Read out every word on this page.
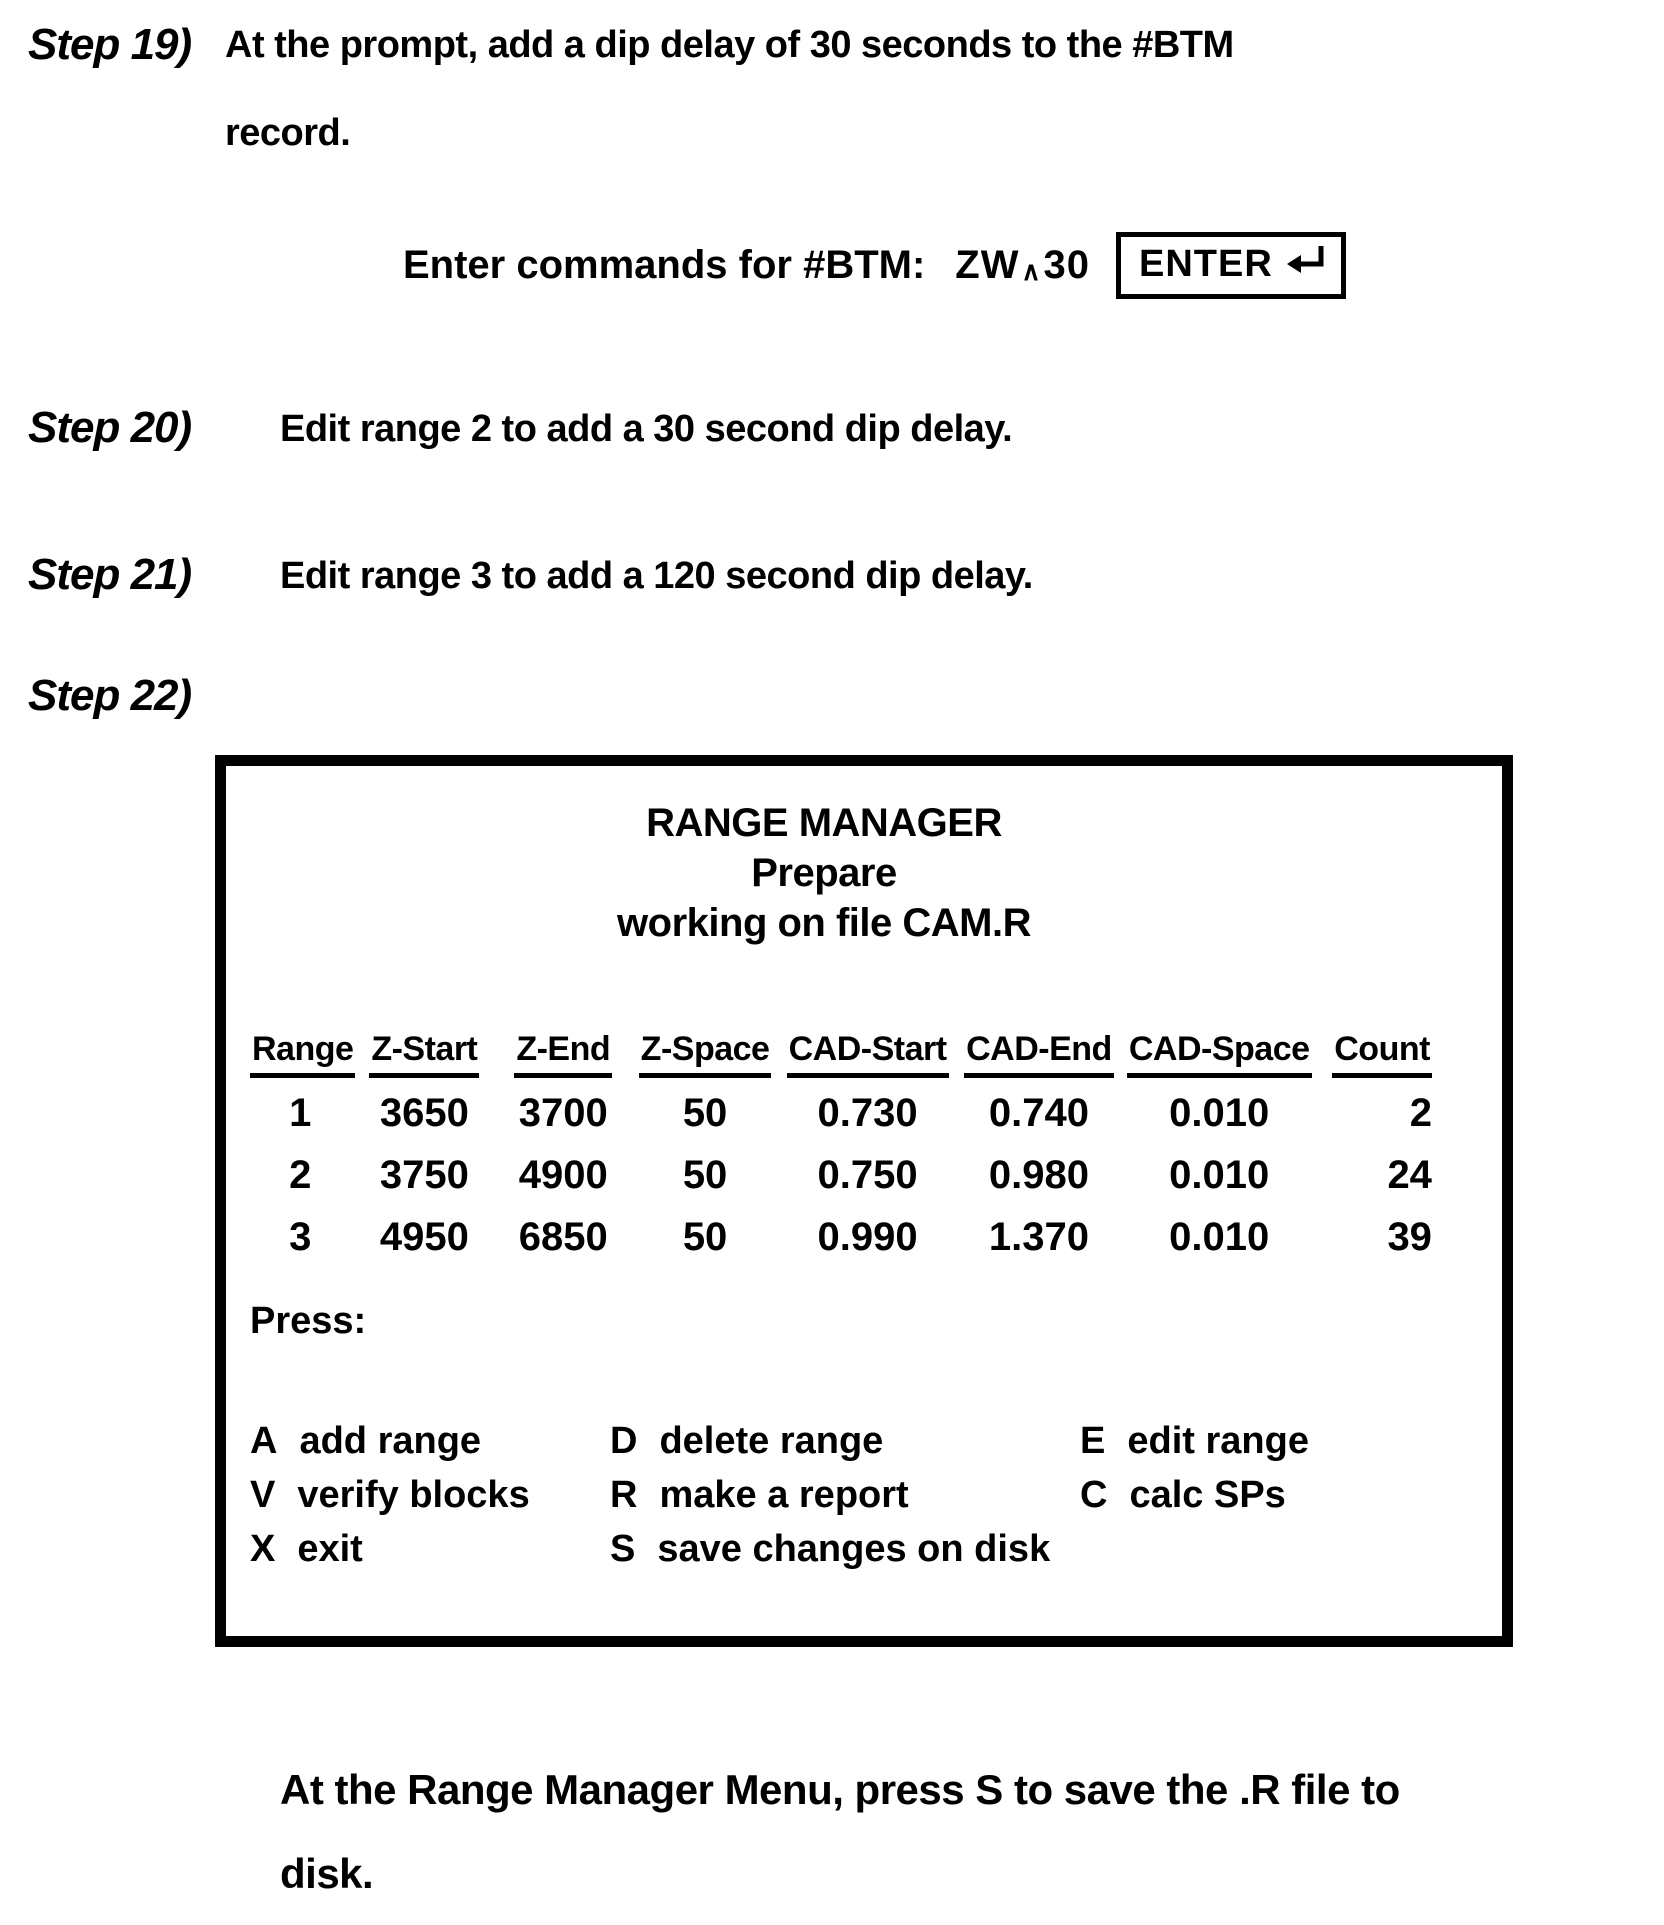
Step 19) At the prompt, add a dip delay of 30 seconds to the #BTM
record.
Enter commands for #BTM: ZW∧30 ENTER
Step 20) Edit range 2 to add a 30 second dip delay.
Step 21) Edit range 3 to add a 120 second dip delay.
Step 22)
RANGE MANAGER
Prepare
working on file CAM.R
Range Z-Start	Z-End Z-Space CAD-Start CAD-End CAD-Space Count
1	3650	3700	50	0.730	0.740	0.010	2
2	3750	4900	50	0.750	0.980	0.010	24
3	4950	6850	50	0.990	1.370	0.010	39
Press:
A add range	D delete range	E edit range
V verify blocks R make a report	C calc SPs
X exit	S save changes on disk
At the Range Manager Menu, press S to save the .R file to
disk.
